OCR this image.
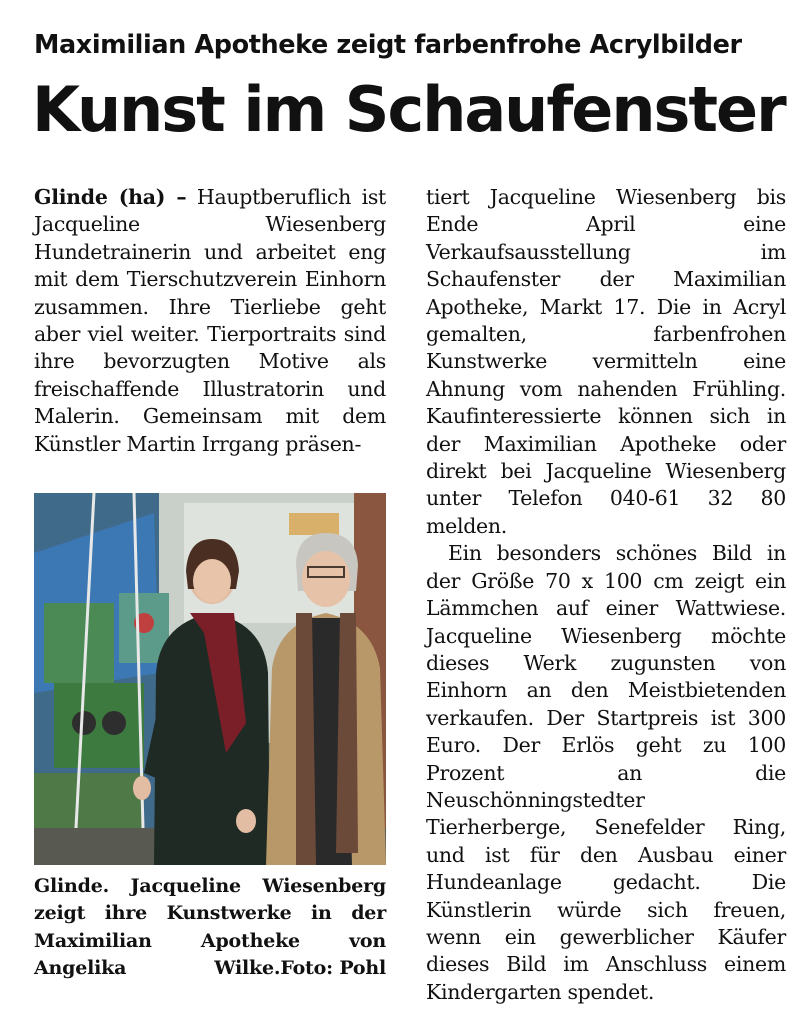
Maximilian Apotheke zeigt farbenfrohe Acrylbilder
Kunst im Schaufenster

Glinde (ha) – Hauptberuflich ist Jacqueline Wiesenberg Hundetrainerin und arbeitet eng mit dem Tierschutzverein Einhorn zusammen. Ihre Tierliebe geht aber viel weiter. Tierportraits sind ihre bevorzugten Motive als freischaffende Illustratorin und Malerin. Gemeinsam mit dem Künstler Martin Irrgang präsen-

Glinde. Jacqueline Wiesenberg zeigt ihre Kunstwerke in der Maximilian Apotheke von Angelika Wilke. Foto: Pohl

tiert Jacqueline Wiesenberg bis Ende April eine Verkaufsausstellung im Schaufenster der Maximilian Apotheke, Markt 17. Die in Acryl gemalten, farbenfrohen Kunstwerke vermitteln eine Ahnung vom nahenden Frühling. Kaufinteressierte können sich in der Maximilian Apotheke oder direkt bei Jacqueline Wiesenberg unter Telefon 040-61 32 80 melden.

Ein besonders schönes Bild in der Größe 70 x 100 cm zeigt ein Lämmchen auf einer Wattwiese. Jacqueline Wiesenberg möchte dieses Werk zugunsten von Einhorn an den Meistbietenden verkaufen. Der Startpreis ist 300 Euro. Der Erlös geht zu 100 Prozent an die Neuschönningstedter Tierherberge, Senefelder Ring, und ist für den Ausbau einer Hundeanlage gedacht. Die Künstlerin würde sich freuen, wenn ein gewerblicher Käufer dieses Bild im Anschluss einem Kindergarten spendet.
